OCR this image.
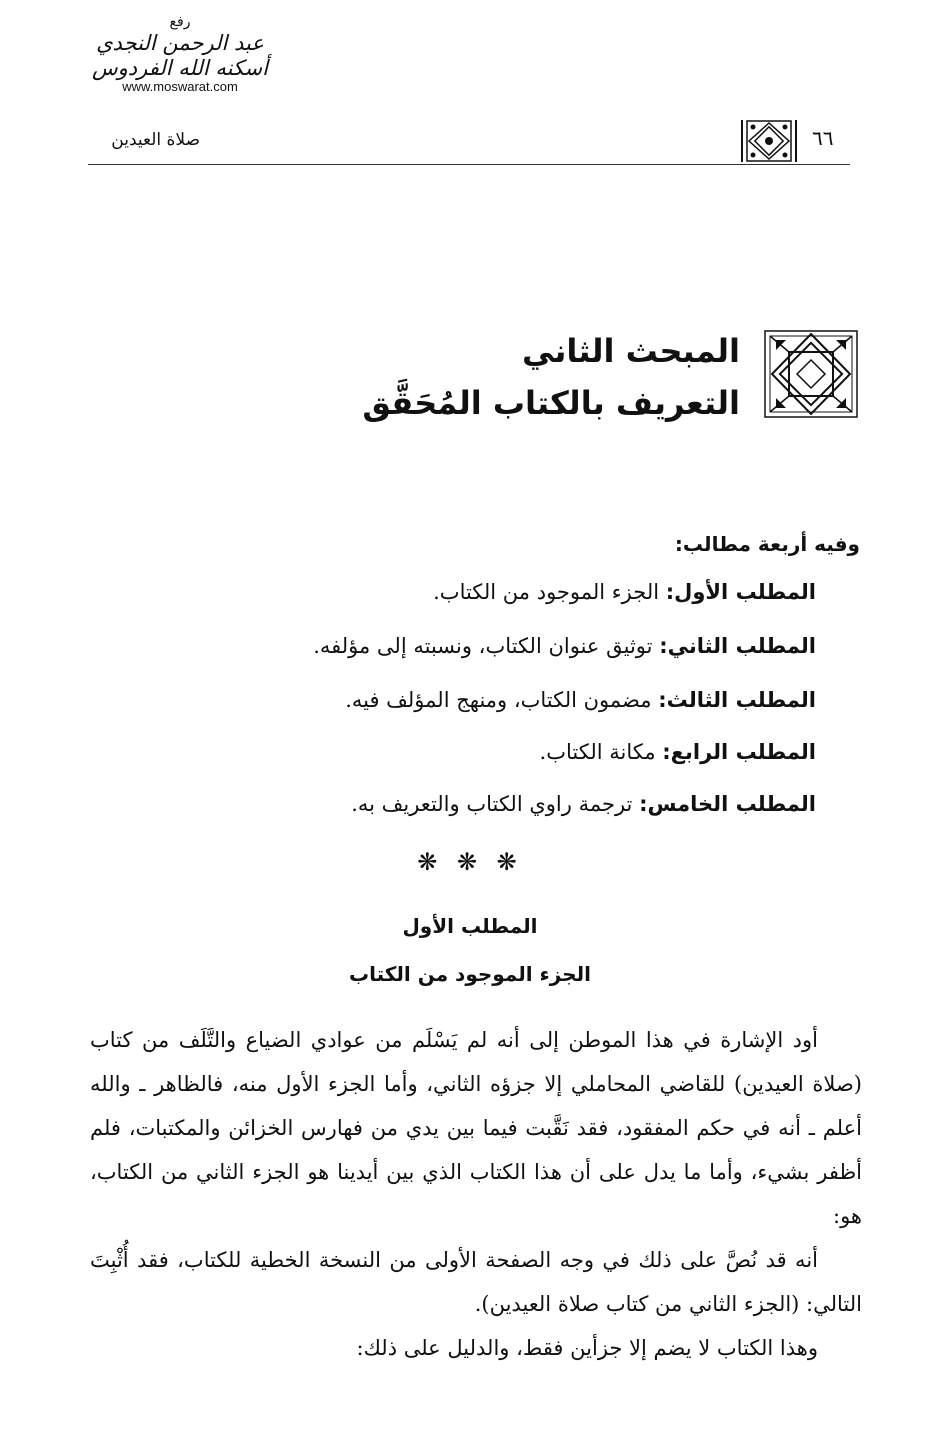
رفع
عبد الرحمن النجدي
أسكنه الله الفردوس
www.moswarat.com
صلاة العيدين	٦٦
المبحث الثاني
التعريف بالكتاب المُحَقَّق
وفيه أربعة مطالب:
المطلب الأول: الجزء الموجود من الكتاب.
المطلب الثاني: توثيق عنوان الكتاب، ونسبته إلى مؤلفه.
المطلب الثالث: مضمون الكتاب، ومنهج المؤلف فيه.
المطلب الرابع: مكانة الكتاب.
المطلب الخامس: ترجمة راوي الكتاب والتعريف به.
❋ ❋ ❋
المطلب الأول
الجزء الموجود من الكتاب

أود الإشارة في هذا الموطن إلى أنه لم يَسْلَم من عوادي الضياع والتَّلَف من كتاب (صلاة العيدين) للقاضي المحاملي إلا جزؤه الثاني، وأما الجزء الأول منه، فالظاهر ـ والله أعلم ـ أنه في حكم المفقود، فقد نَقَّبت فيما بين يدي من فهارس الخزائن والمكتبات، فلم أظفر بشيء، وأما ما يدل على أن هذا الكتاب الذي بين أيدينا هو الجزء الثاني من الكتاب، هو:

أنه قد نُصَّ على ذلك في وجه الصفحة الأولى من النسخة الخطية للكتاب، فقد أُثْبِتَ التالي: (الجزء الثاني من كتاب صلاة العيدين).

وهذا الكتاب لا يضم إلا جزأين فقط، والدليل على ذلك:
